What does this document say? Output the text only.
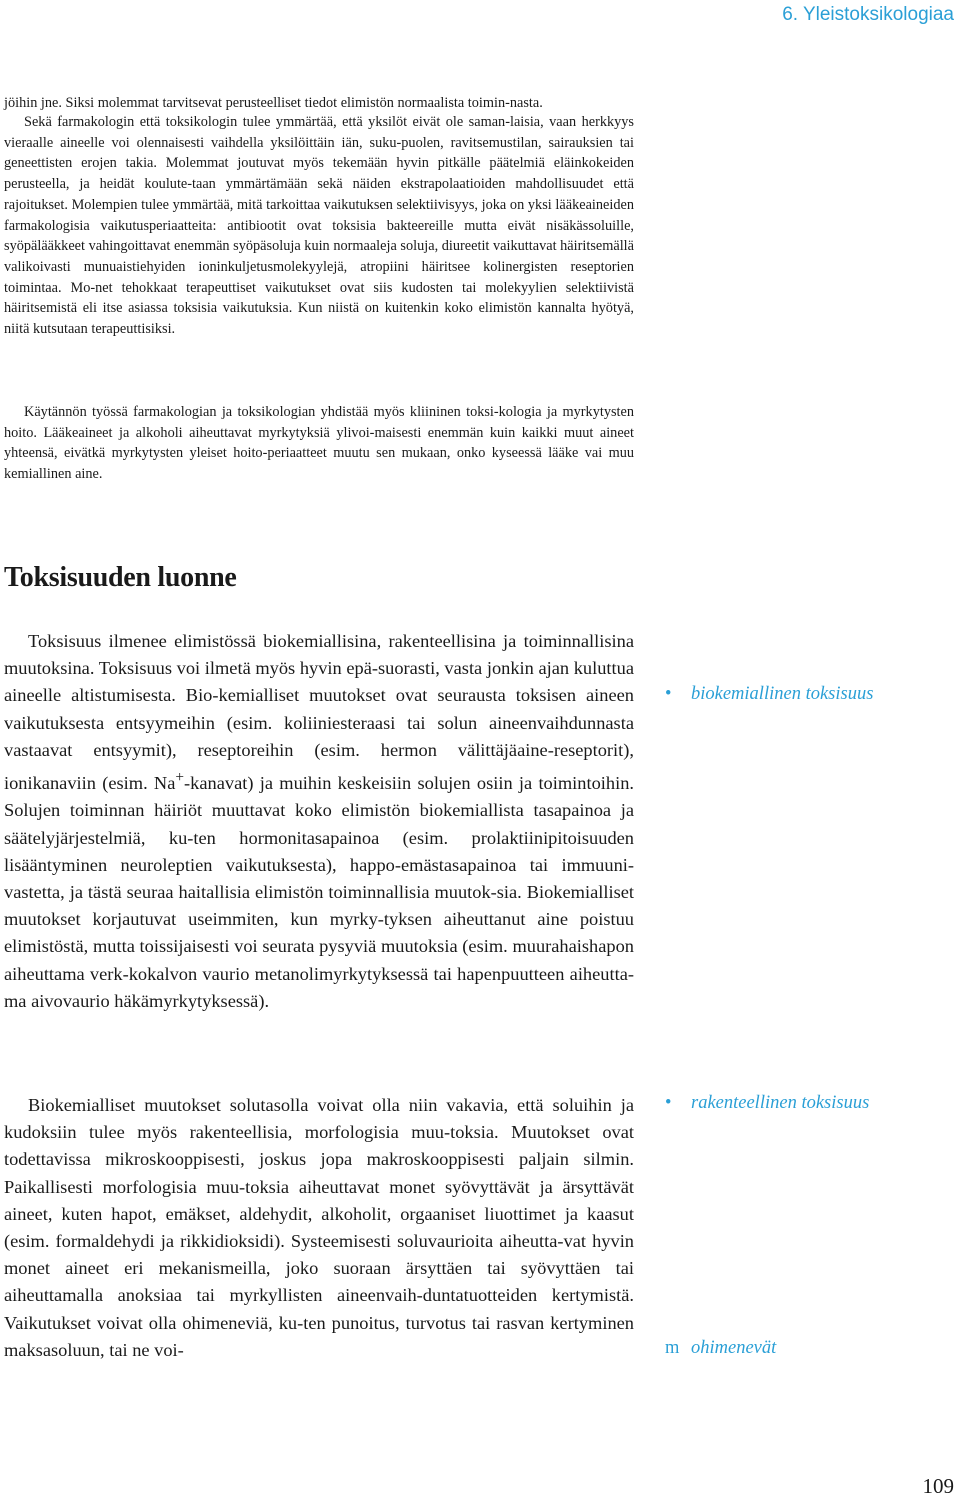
6. Yleistoksikologiaa

jöihin jne. Siksi molemmat tarvitsevat perusteelliset tiedot elimistön normaalista toimin-nasta.

Sekä farmakologin että toksikologin tulee ymmärtää, että yksilöt eivät ole saman-laisia, vaan herkkyys vieraalle aineelle voi olennaisesti vaihdella yksilöittäin iän, suku-puolen, ravitsemustilan, sairauksien tai geneettisten erojen takia. Molemmat joutuvat myös tekemään hyvin pitkälle päätelmiä eläinkokeiden perusteella, ja heidät koulute-taan ymmärtämään sekä näiden ekstrapolaatioiden mahdollisuudet että rajoitukset. Molempien tulee ymmärtää, mitä tarkoittaa vaikutuksen selektiivisyys, joka on yksi lääkeaineiden farmakologisia vaikutusperiaatteita: antibiootit ovat toksisia bakteereille mutta eivät nisäkässoluille, syöpälääkkeet vahingoittavat enemmän syöpäsoluja kuin normaaleja soluja, diureetit vaikuttavat häiritsemällä valikoivasti munuaistiehyiden ioninkuljetusmolekyylejä, atropiini häiritsee kolinergisten reseptorien toimintaa. Mo-net tehokkaat terapeuttiset vaikutukset ovat siis kudosten tai molekyylien selektiivistä häiritsemistä eli itse asiassa toksisia vaikutuksia. Kun niistä on kuitenkin koko elimistön kannalta hyötyä, niitä kutsutaan terapeuttisiksi.

Käytännön työssä farmakologian ja toksikologian yhdistää myös kliininen toksi-kologia ja myrkytysten hoito. Lääkeaineet ja alkoholi aiheuttavat myrkytyksiä ylivoi-maisesti enemmän kuin kaikki muut aineet yhteensä, eivätkä myrkytysten yleiset hoito-periaatteet muutu sen mukaan, onko kyseessä lääke vai muu kemiallinen aine.

Toksisuuden luonne

Toksisuus ilmenee elimistössä biokemiallisina, rakenteellisina ja toiminnallisina muutoksina. Toksisuus voi ilmetä myös hyvin epä-suorasti, vasta jonkin ajan kuluttua aineelle altistumisesta. Bio-kemialliset muutokset ovat seurausta toksisen aineen vaikutuksesta entsyymeihin (esim. koliiniesteraasi tai solun aineenvaihdunnasta vastaavat entsyymit), reseptoreihin (esim. hermon välittäjäaine-reseptorit), ionikanaviin (esim. Na+-kanavat) ja muihin keskeisiin solujen osiin ja toimintoihin. Solujen toiminnan häiriöt muuttavat koko elimistön biokemiallista tasapainoa ja säätelyjärjestelmiä, ku-ten hormonitasapainoa (esim. prolaktiinipitoisuuden lisääntyminen neuroleptien vaikutuksesta), happo-emästasapainoa tai immuuni-vastetta, ja tästä seuraa haitallisia elimistön toiminnallisia muutok-sia. Biokemialliset muutokset korjautuvat useimmiten, kun myrky-tyksen aiheuttanut aine poistuu elimistöstä, mutta toissijaisesti voi seurata pysyviä muutoksia (esim. muurahaishapon aiheuttama verk-kokalvon vaurio metanolimyrkytyksessä tai hapenpuutteen aiheutta-ma aivovaurio häkämyrkytyksessä).

Biokemialliset muutokset solutasolla voivat olla niin vakavia, että soluihin ja kudoksiin tulee myös rakenteellisia, morfologisia muu-toksia. Muutokset ovat todettavissa mikroskooppisesti, joskus jopa makroskooppisesti paljain silmin. Paikallisesti morfologisia muu-toksia aiheuttavat monet syövyttävät ja ärsyttävät aineet, kuten hapot, emäkset, aldehydit, alkoholit, orgaaniset liuottimet ja kaasut (esim. formaldehydi ja rikkidioksidi). Systeemisesti soluvaurioita aiheutta-vat hyvin monet aineet eri mekanismeilla, joko suoraan ärsyttäen tai syövyttäen tai aiheuttamalla anoksiaa tai myrkyllisten aineenvaih-duntatuotteiden kertymistä. Vaikutukset voivat olla ohimeneviä, ku-ten punoitus, turvotus tai rasvan kertyminen maksasoluun, tai ne voi-

• biokemiallinen toksisuus
• rakenteellinen toksisuus
m ohimenevät
109
